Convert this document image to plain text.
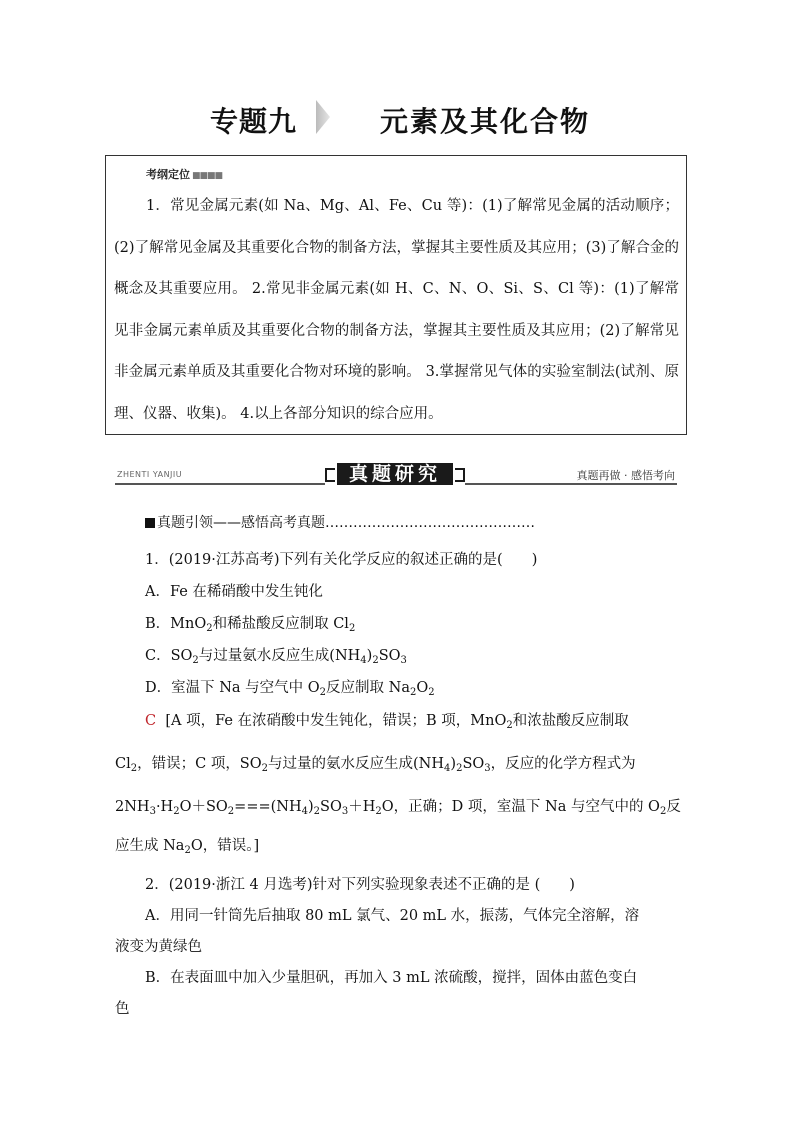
专题九	元素及其化合物
考纲定位 ■■■■
1．常见金属元素(如 Na、Mg、Al、Fe、Cu 等)：(1)了解常见金属的活动顺序；(2)了解常见金属及其重要化合物的制备方法，掌握其主要性质及其应用；(3)了解合金的概念及其重要应用。 2.常见非金属元素(如 H、C、N、O、Si、S、Cl 等)：(1)了解常见非金属元素单质及其重要化合物的制备方法，掌握其主要性质及其应用；(2)了解常见非金属元素单质及其重要化合物对环境的影响。 3.掌握常见气体的实验室制法(试剂、原理、仪器、收集)。 4.以上各部分知识的综合应用。
ZHENTI YANJIU	真题研究	真题再做 · 感悟考向
真题引领——感悟高考真题………………………………………
1．(2019·江苏高考)下列有关化学反应的叙述正确的是(　　)
A．Fe 在稀硝酸中发生钝化
B．MnO$_2$和稀盐酸反应制取 $Cl_2$
C．$SO_2$与过量氨水反应生成$(NH_4)_2SO_3$
D．室温下 Na 与空气中 $O_2$反应制取 $Na_2O_2$
C [A 项，Fe 在浓硝酸中发生钝化，错误；B 项，MnO$_2$和浓盐酸反应制取
$Cl_2$，错误；C 项，$SO_2$与过量的氨水反应生成$(NH_4)_2SO_3$，反应的化学方程式为
$2NH_3\cdot H_2O+SO_2===(NH_4)_2SO_3+H_2O$，正确；D 项，室温下 Na 与空气中的 $O_2$反
应生成 $Na_2O$，错误。]
2．(2019·浙江 4 月选考)针对下列实验现象表述不正确的是 (　　)
A．用同一针筒先后抽取 80 mL 氯气、20 mL 水，振荡，气体完全溶解，溶
液变为黄绿色
B．在表面皿中加入少量胆矾，再加入 3 mL 浓硫酸，搅拌，固体由蓝色变白
色
